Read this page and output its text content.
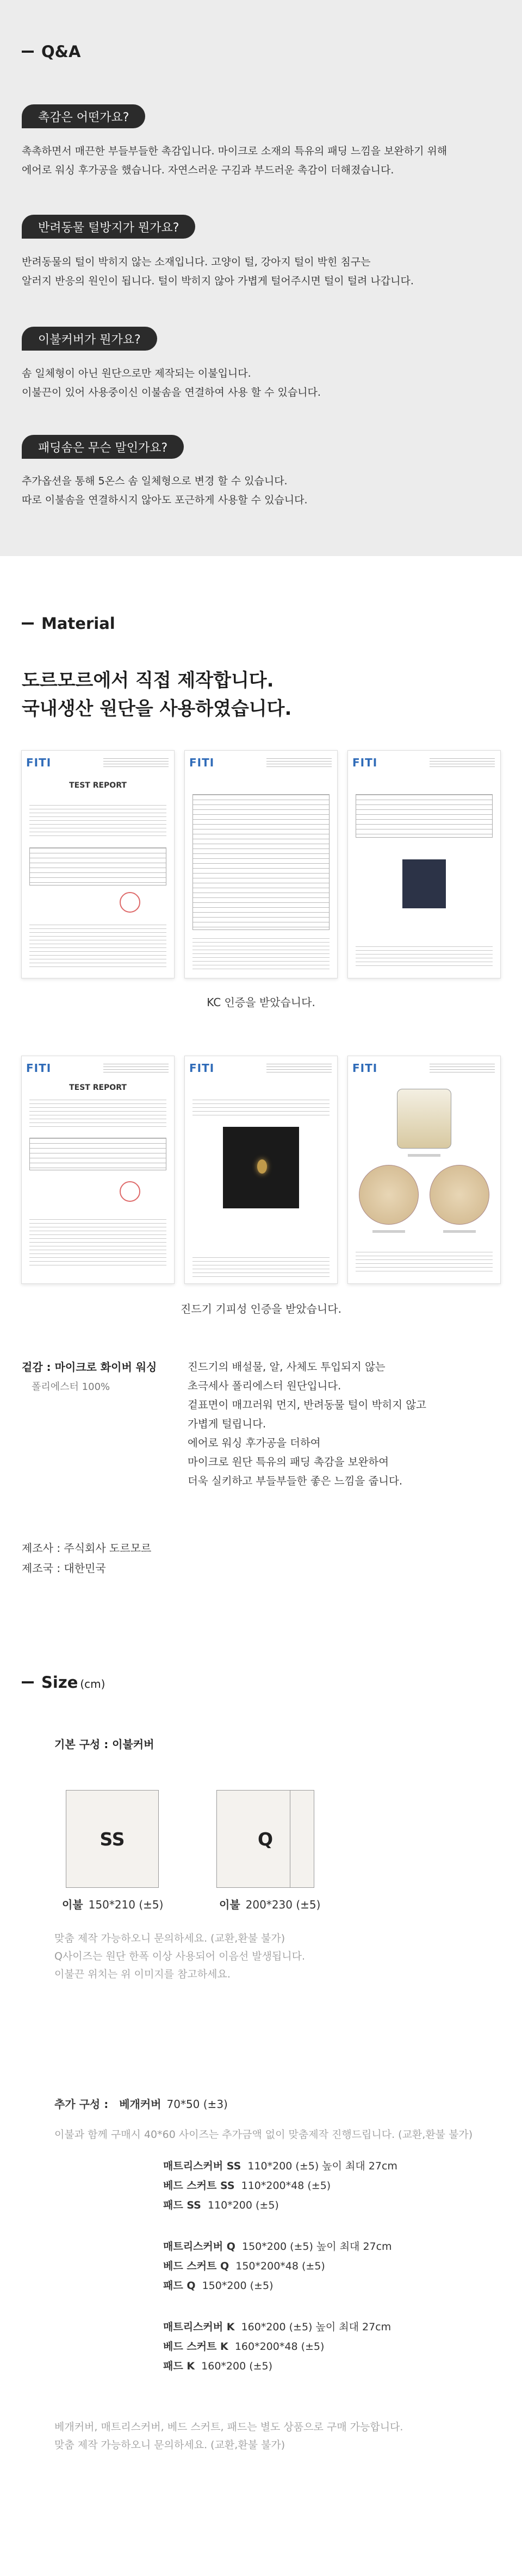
Q&A
촉감은 어떤가요?
촉촉하면서 매끈한 부들부들한 촉감입니다. 마이크로 소재의 특유의 패딩 느낌을 보완하기 위해
에어로 워싱 후가공을 했습니다. 자연스러운 구김과 부드러운 촉감이 더해졌습니다.
반려동물 털방지가 뭔가요?
반려동물의 털이 박히지 않는 소재입니다. 고양이 털, 강아지 털이 박힌 침구는
알러지 반응의 원인이 됩니다. 털이 박히지 않아 가볍게 털어주시면 털이 털려 나갑니다.
이불커버가 뭔가요?
솜 일체형이 아닌 원단으로만 제작되는 이불입니다.
이불끈이 있어 사용중이신 이불솜을 연결하여 사용 할 수 있습니다.
패딩솜은 무슨 말인가요?
추가옵션을 통해 5온스 솜 일체형으로 변경 할 수 있습니다.
따로 이불솜을 연결하시지 않아도 포근하게 사용할 수 있습니다.
Material
도르모르에서 직접 제작합니다.
국내생산 원단을 사용하였습니다.
FITI
TEST REPORT
FITI	FITI
KC 인증을 받았습니다.
FITI
TEST REPORT
FITI	FITI
진드기 기피성 인증을 받았습니다.
겉감 : 마이크로 화이버 워싱
폴리에스터 100%
진드기의 배설물, 알, 사체도 투입되지 않는
초극세사 폴리에스터 원단입니다.
겉표면이 매끄러워 먼지, 반려동물 털이 박히지 않고
가볍게 털립니다.
에어로 워싱 후가공을 더하여
마이크로 원단 특유의 패딩 촉감을 보완하여
더욱 실키하고 부들부들한 좋은 느낌을 줍니다.
제조사 : 주식회사 도르모르
제조국 : 대한민국
Size (cm)
기본 구성 : 이불커버
SS	Q
이불 150*210 (±5)	이불 200*230 (±5)
맞춤 제작 가능하오니 문의하세요. (교환,환불 불가)
Q사이즈는 원단 한폭 이상 사용되어 이음선 발생됩니다.
이불끈 위치는 위 이미지를 참고하세요.
추가 구성 : 베개커버 70*50 (±3)
이불과 함께 구매시 40*60 사이즈는 추가금액 없이 맞춤제작 진행드립니다. (교환,환불 불가)
매트리스커버 SS 110*200 (±5) 높이 최대 27cm
베드 스커트 SS 110*200*48 (±5)
패드 SS 110*200 (±5)
매트리스커버 Q 150*200 (±5) 높이 최대 27cm
베드 스커트 Q 150*200*48 (±5)
패드 Q 150*200 (±5)
매트리스커버 K 160*200 (±5) 높이 최대 27cm
베드 스커트 K 160*200*48 (±5)
패드 K 160*200 (±5)
베개커버, 매트리스커버, 베드 스커트, 패드는 별도 상품으로 구매 가능합니다.
맞춤 제작 가능하오니 문의하세요. (교환,환불 불가)
